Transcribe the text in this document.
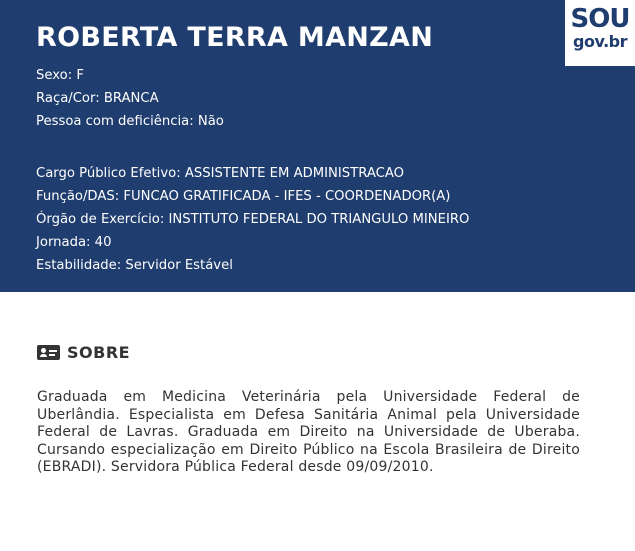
ROBERTA TERRA MANZAN
Sexo: F
Raça/Cor: BRANCA
Pessoa com deficiência: Não
Cargo Público Efetivo: ASSISTENTE EM ADMINISTRACAO
Função/DAS: FUNCAO GRATIFICADA - IFES - COORDENADOR(A)
Órgão de Exercício: INSTITUTO FEDERAL DO TRIANGULO MINEIRO
Jornada: 40
Estabilidade: Servidor Estável
SOU
gov.br
SOBRE

Graduada em Medicina Veterinária pela Universidade Federal de Uberlândia. Especialista em Defesa Sanitária Animal pela Universidade Federal de Lavras. Graduada em Direito na Universidade de Uberaba. Cursando especialização em Direito Público na Escola Brasileira de Direito (EBRADI). Servidora Pública Federal desde 09/09/2010.
